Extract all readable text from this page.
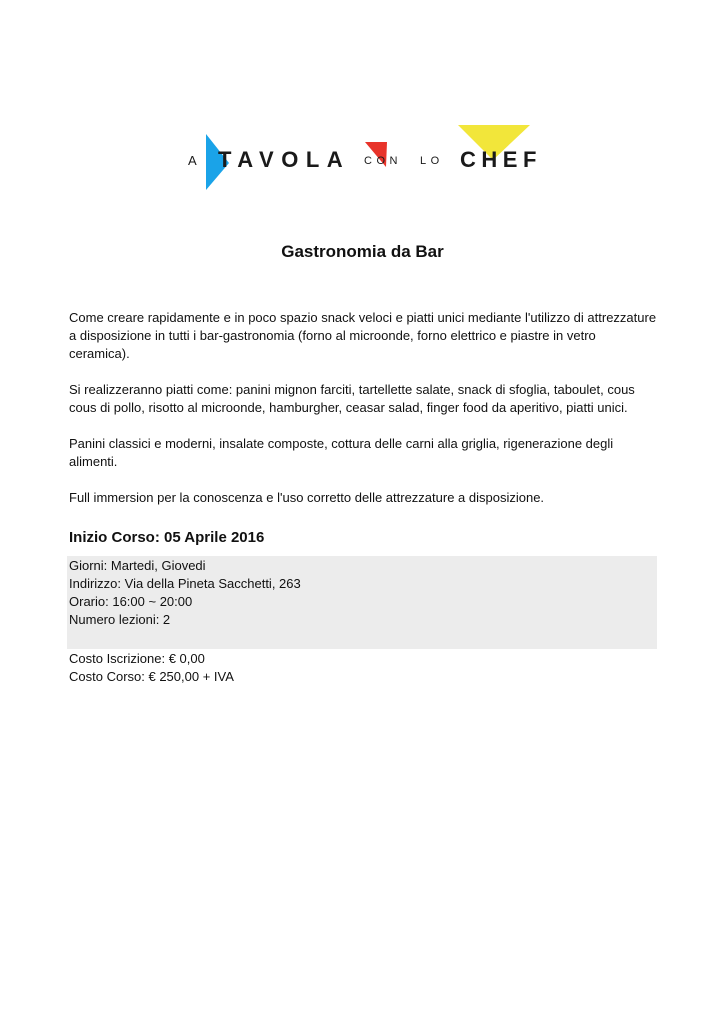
A TAVOLA CON LO CHEF
Gastronomia da Bar

Come creare rapidamente e in poco spazio snack veloci e piatti unici mediante l'utilizzo di attrezzature a disposizione in tutti i bar-gastronomia (forno al microonde, forno elettrico e piastre in vetro ceramica).

Si realizzeranno piatti come: panini mignon farciti, tartellette salate, snack di sfoglia, taboulet, cous cous di pollo, risotto al microonde, hamburgher, ceasar salad, finger food da aperitivo, piatti unici.

Panini classici e moderni, insalate composte, cottura delle carni alla griglia, rigenerazione degli alimenti.

Full immersion per la conoscenza e l'uso corretto delle attrezzature a disposizione.

Inizio Corso: 05 Aprile 2016

Giorni: Martedi, Giovedi

Indirizzo: Via della Pineta Sacchetti, 263

Orario: 16:00 ~ 20:00

Numero lezioni: 2

Costo Iscrizione: € 0,00

Costo Corso: € 250,00 + IVA
